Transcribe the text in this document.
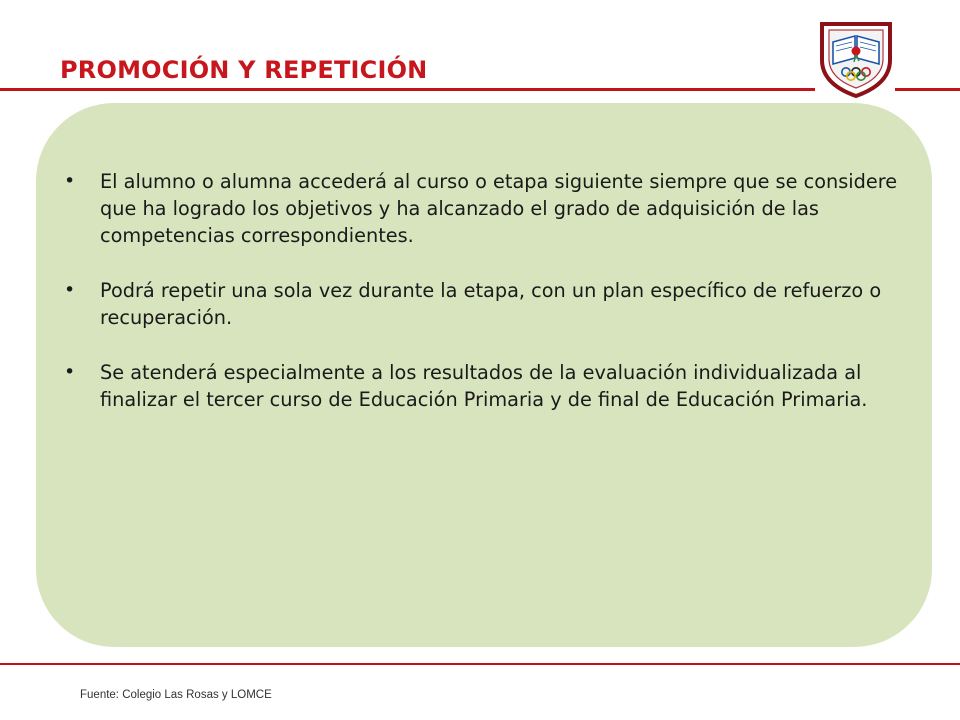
PROMOCIÓN Y REPETICIÓN
• El alumno o alumna accederá al curso o etapa siguiente siempre que se considere que ha logrado los objetivos y ha alcanzado el grado de adquisición de las competencias correspondientes.
• Podrá repetir una sola vez durante la etapa, con un plan específico de refuerzo o recuperación.
• Se atenderá especialmente a los resultados de la evaluación individualizada al finalizar el tercer curso de Educación Primaria y de final de Educación Primaria.
Fuente: Colegio Las Rosas y LOMCE
